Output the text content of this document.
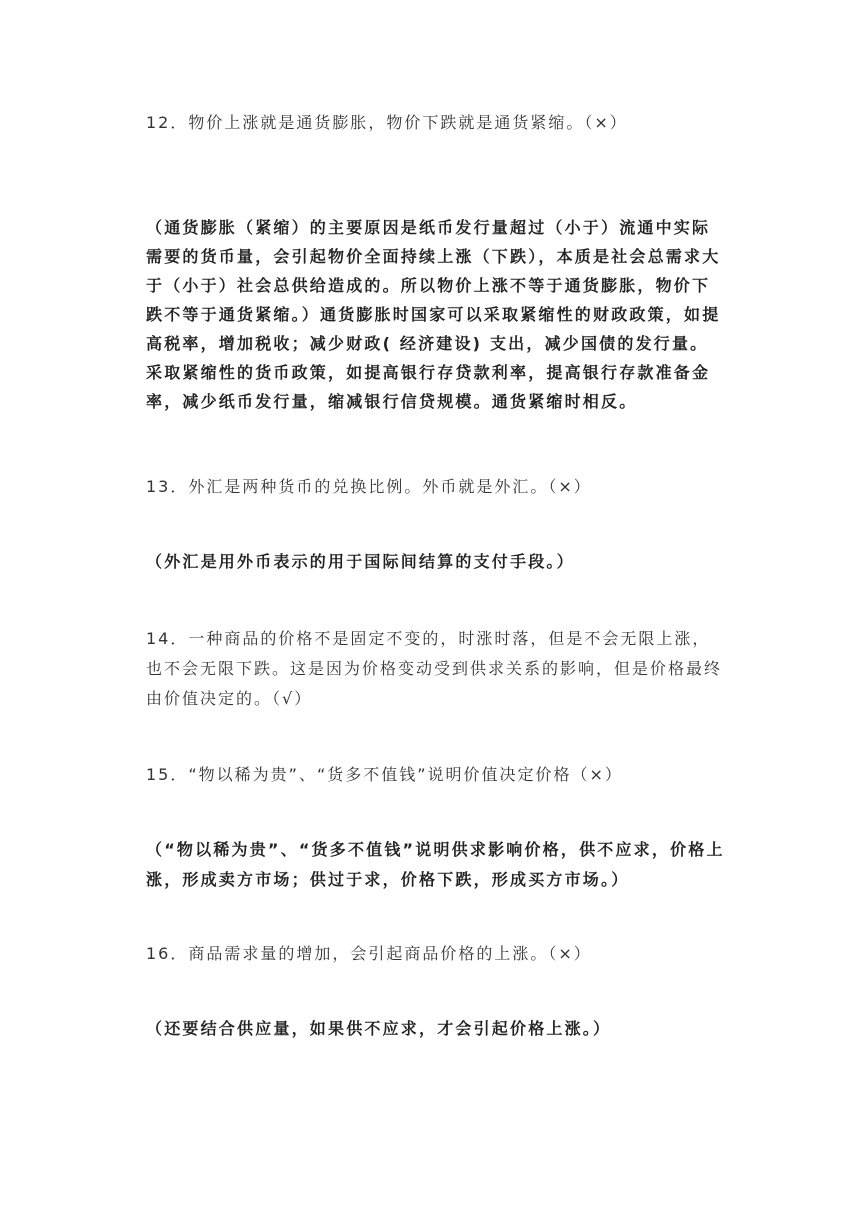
12．物价上涨就是通货膨胀，物价下跌就是通货紧缩。（×）

（通货膨胀（紧缩）的主要原因是纸币发行量超过（小于）流通中实际需要的货币量，会引起物价全面持续上涨（下跌），本质是社会总需求大于（小于）社会总供给造成的。所以物价上涨不等于通货膨胀，物价下跌不等于通货紧缩。）通货膨胀时国家可以采取紧缩性的财政政策，如提高税率，增加税收；减少财政( 经济建设) 支出，减少国债的发行量。采取紧缩性的货币政策，如提高银行存贷款利率，提高银行存款准备金率，减少纸币发行量，缩减银行信贷规模。通货紧缩时相反。

13．外汇是两种货币的兑换比例。外币就是外汇。（×）

（外汇是用外币表示的用于国际间结算的支付手段。）

14．一种商品的价格不是固定不变的，时涨时落，但是不会无限上涨，也不会无限下跌。这是因为价格变动受到供求关系的影响，但是价格最终由价值决定的。（√）

15．“物以稀为贵”、“货多不值钱”说明价值决定价格（×）

（“物以稀为贵”、“货多不值钱”说明供求影响价格，供不应求，价格上涨，形成卖方市场；供过于求，价格下跌，形成买方市场。）

16．商品需求量的增加，会引起商品价格的上涨。（×）

（还要结合供应量，如果供不应求，才会引起价格上涨。）
